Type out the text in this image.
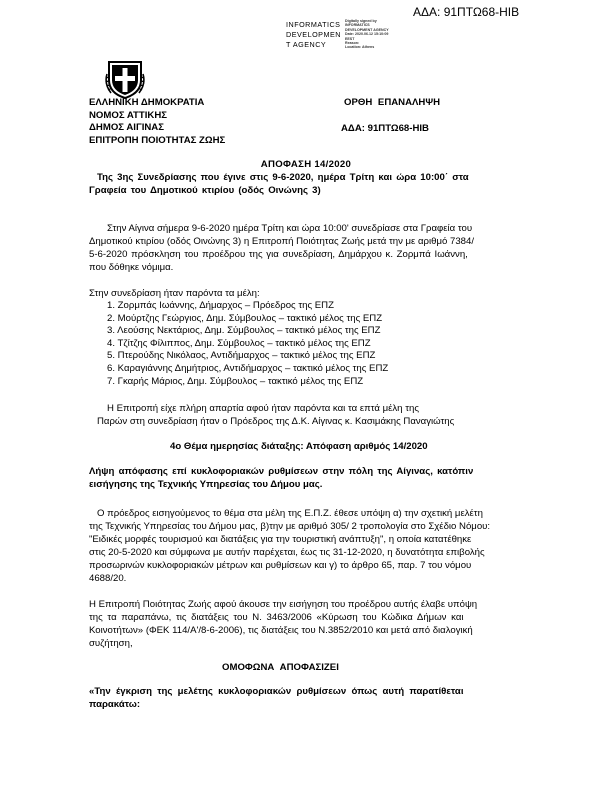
ΑΔΑ: 91ΠΤΩ68-ΗΙΒ
INFORMATICS
DEVELOPMEN
T AGENCY
Digitally signed by
INFORMATICS
DEVELOPMENT AGENCY
Date: 2020.06.12 15:10:09
EEST
Reason:
Location: Athens
ΕΛΛΗΝΙΚΗ ΔΗΜΟΚΡΑΤΙΑ
ΝΟΜΟΣ ΑΤΤΙΚΗΣ
ΔΗΜΟΣ ΑΙΓΙΝΑΣ
ΕΠΙΤΡΟΠΗ ΠΟΙΟΤΗΤΑΣ ΖΩΗΣ
ΟΡΘΗ ΕΠΑΝΑΛΗΨΗ
ΑΔΑ: 91ΠΤΩ68-ΗΙΒ
ΑΠΟΦΑΣΗ 14/2020
Της 3ης Συνεδρίασης που έγινε στις 9-6-2020, ημέρα Τρίτη και ώρα 10:00΄ στα
Γραφεία του Δημοτικού κτιρίου (οδός Οινώνης 3)
Στην Αίγινα σήμερα 9-6-2020 ημέρα Τρίτη και ώρα 10:00' συνεδρίασε στα Γραφεία του
Δημοτικού κτιρίου (οδός Οινώνης 3) η Επιτροπή Ποιότητας Ζωής μετά την με αριθμό 7384/
5-6-2020 πρόσκληση του προέδρου της για συνεδρίαση, Δημάρχου κ. Ζορμπά Ιωάννη,
που δόθηκε νόμιμα.
Στην συνεδρίαση ήταν παρόντα τα μέλη:
1. Ζορμπάς Ιωάννης, Δήμαρχος – Πρόεδρος της ΕΠΖ
2. Μούρτζης Γεώργιος, Δημ. Σύμβουλος – τακτικό μέλος της ΕΠΖ
3. Λεούσης Νεκτάριος, Δημ. Σύμβουλος – τακτικό μέλος της ΕΠΖ
4. Τζίτζης Φίλιππος, Δημ. Σύμβουλος – τακτικό μέλος της ΕΠΖ
5. Πτερούδης Νικόλαος, Αντιδήμαρχος – τακτικό μέλος της ΕΠΖ
6. Καραγιάννης Δημήτριος, Αντιδήμαρχος – τακτικό μέλος της ΕΠΖ
7. Γκαρής Μάριος, Δημ. Σύμβουλος – τακτικό μέλος της ΕΠΖ
Η Επιτροπή είχε πλήρη απαρτία αφού ήταν παρόντα και τα επτά μέλη της
Παρών στη συνεδρίαση ήταν ο Πρόεδρος της Δ.Κ. Αίγινας κ. Κασιμάκης Παναγιώτης
4ο Θέμα ημερησίας διάταξης: Απόφαση αριθμός 14/2020
Λήψη απόφασης επί κυκλοφοριακών ρυθμίσεων στην πόλη της Αίγινας, κατόπιν
εισήγησης της Τεχνικής Υπηρεσίας του Δήμου μας.
Ο πρόεδρος εισηγούμενος το θέμα στα μέλη της Ε.Π.Ζ. έθεσε υπόψη α) την σχετική μελέτη
της Τεχνικής Υπηρεσίας του Δήμου μας, β)την με αριθμό 305/ 2 τροπολογία στο Σχέδιο Νόμου:
"Ειδικές μορφές τουρισμού και διατάξεις για την τουριστική ανάπτυξη", η οποία κατατέθηκε
στις 20-5-2020 και σύμφωνα με αυτήν παρέχεται, έως τις 31-12-2020, η δυνατότητα επιβολής
προσωρινών κυκλοφοριακών μέτρων και ρυθμίσεων και γ) το άρθρο 65, παρ. 7 του νόμου
4688/20.
Η Επιτροπή Ποιότητας Ζωής αφού άκουσε την εισήγηση του προέδρου αυτής έλαβε υπόψη
της τα παραπάνω, τις διατάξεις του Ν. 3463/2006 «Κύρωση του Κώδικα Δήμων και
Κοινοτήτων» (ΦΕΚ 114/Α'/8-6-2006), τις διατάξεις του Ν.3852/2010 και μετά από διαλογική
συζήτηση,
ΟΜΟΦΩΝΑ ΑΠΟΦΑΣΙΖΕΙ
«Την έγκριση της μελέτης κυκλοφοριακών ρυθμίσεων όπως αυτή παρατίθεται
παρακάτω:
